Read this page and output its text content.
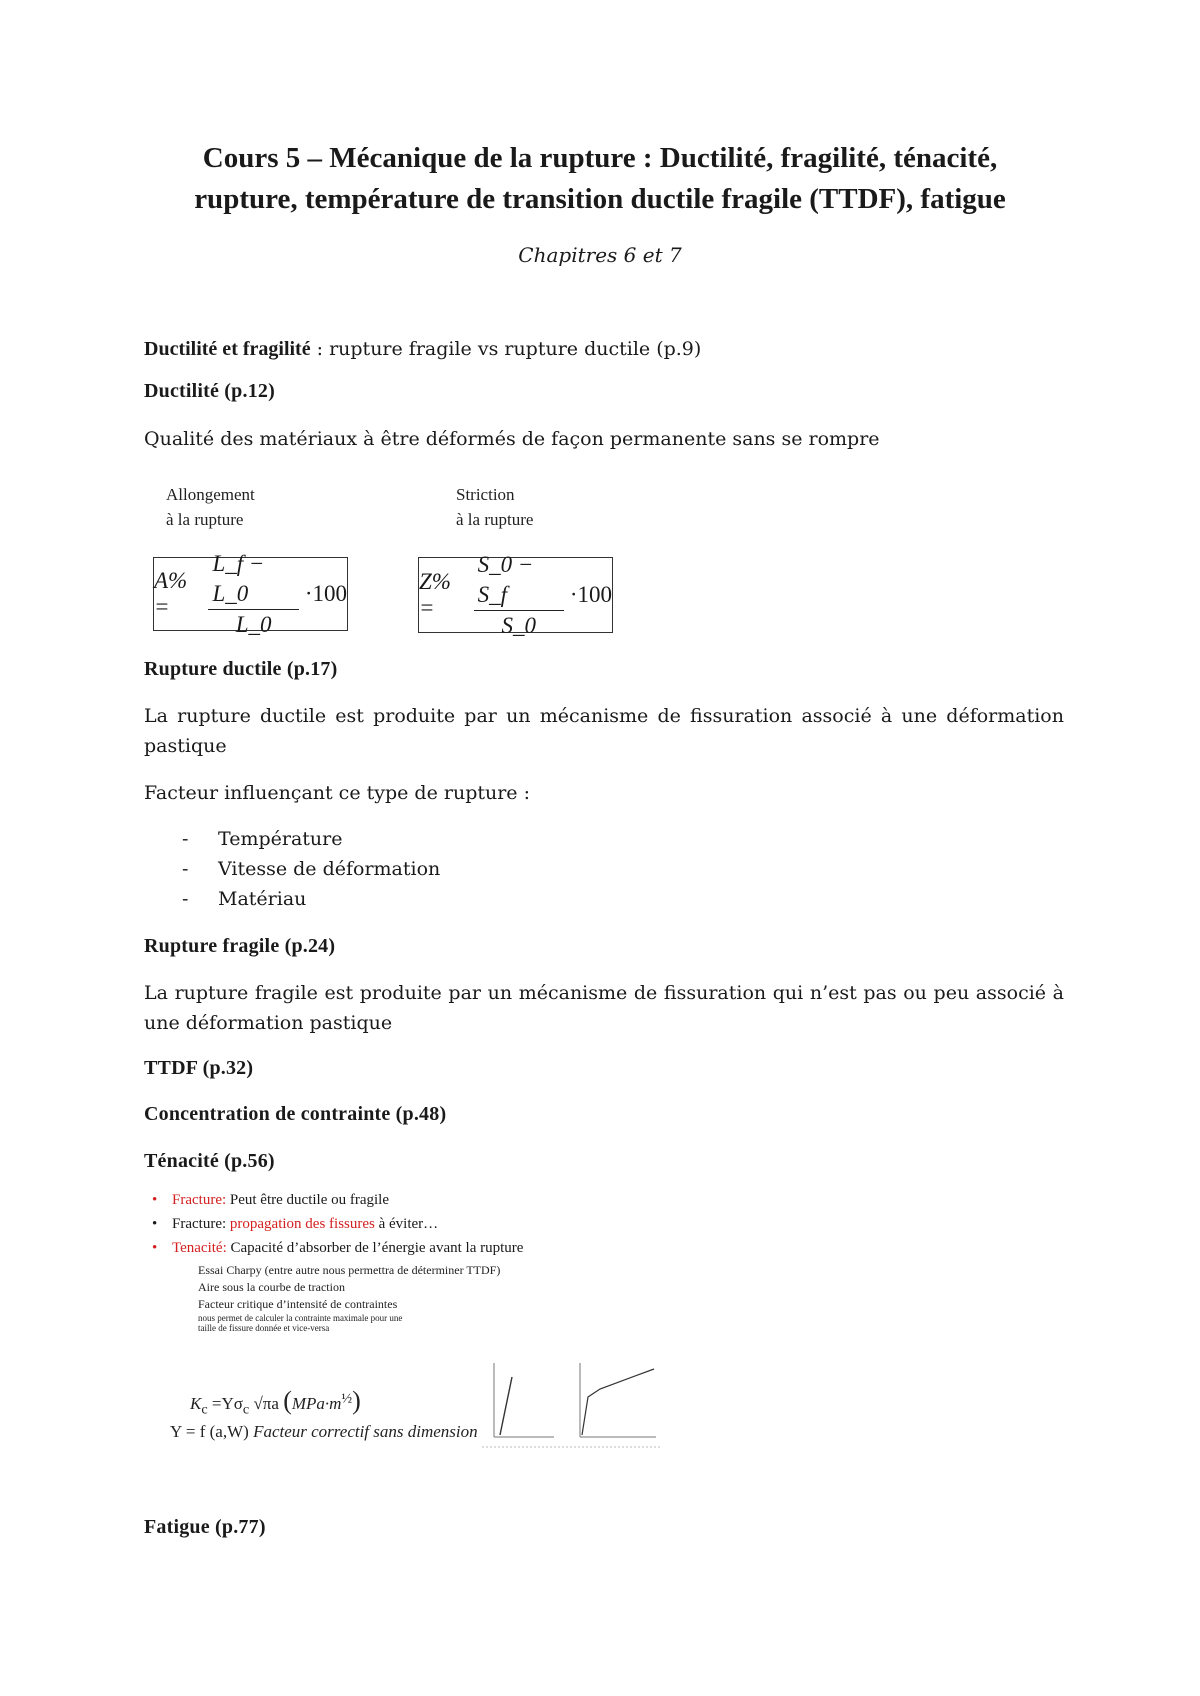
Cours 5 – Mécanique de la rupture : Ductilité, fragilité, ténacité,
rupture, température de transition ductile fragile (TTDF), fatigue

Chapitres 6 et 7

Ductilité et fragilité : rupture fragile vs rupture ductile (p.9)

Ductilité (p.12)

Qualité des matériaux à être déformés de façon permanente sans se rompre

Allongement
à la rupture
Striction
à la rupture
A% =	$\frac{L\_f - L\_0}{L\_0} \cdot 100$	Z% =	$\frac{S\_0 - S\_f}{S\_0} \cdot 100$

Rupture ductile (p.17)

La rupture ductile est produite par un mécanisme de fissuration associé à une déformation pastique

Facteur influençant ce type de rupture :

- Température
- Vitesse de déformation
- Matériau

Rupture fragile (p.24)

La rupture fragile est produite par un mécanisme de fissuration qui n’est pas ou peu associé à une déformation pastique

TTDF (p.32)

Concentration de contrainte (p.48)

Ténacité (p.56)

• Fracture: Peut être ductile ou fragile
• Fracture: propagation des fissures à éviter…
• Tenacité: Capacité d’absorber de l’énergie avant la rupture
Essai Charpy (entre autre nous permettra de déterminer TTDF)
Aire sous la courbe de traction
Facteur critique d’intensité de contraintes
nous permet de calculer la contrainte maximale pour une
taille de fissure donnée et vice-versa
$K_c =Y\sigma_c$ √πa $(MPa\cdot m^{\frac{1}{2}})$
Y = f (a,W) Facteur correctif sans dimension

Fatigue (p.77)
